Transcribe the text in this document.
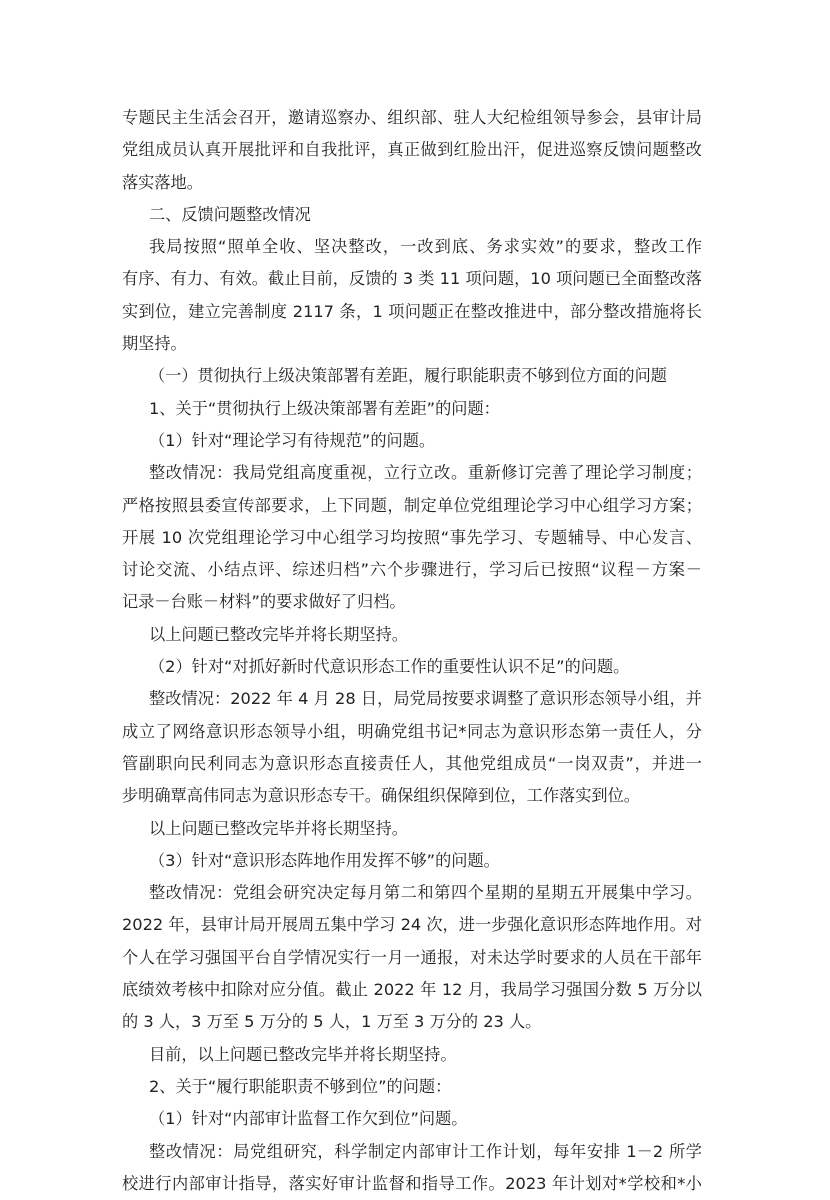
专题民主生活会召开，邀请巡察办、组织部、驻人大纪检组领导参会，县审计局
党组成员认真开展批评和自我批评，真正做到红脸出汗，促进巡察反馈问题整改
落实落地。
二、反馈问题整改情况
我局按照“照单全收、坚决整改，一改到底、务求实效”的要求，整改工作
有序、有力、有效。截止目前，反馈的 3 类 11 项问题，10 项问题已全面整改落
实到位，建立完善制度 2117 条，1 项问题正在整改推进中，部分整改措施将长
期坚持。
（一）贯彻执行上级决策部署有差距，履行职能职责不够到位方面的问题
1、关于“贯彻执行上级决策部署有差距”的问题：
（1）针对“理论学习有待规范”的问题。
整改情况：我局党组高度重视，立行立改。重新修订完善了理论学习制度；
严格按照县委宣传部要求，上下同题，制定单位党组理论学习中心组学习方案；
开展 10 次党组理论学习中心组学习均按照“事先学习、专题辅导、中心发言、
讨论交流、小结点评、综述归档”六个步骤进行，学习后已按照“议程－方案－
记录－台账－材料”的要求做好了归档。
以上问题已整改完毕并将长期坚持。
（2）针对“对抓好新时代意识形态工作的重要性认识不足”的问题。
整改情况：2022 年 4 月 28 日，局党局按要求调整了意识形态领导小组，并
成立了网络意识形态领导小组，明确党组书记*同志为意识形态第一责任人，分
管副职向民利同志为意识形态直接责任人，其他党组成员“一岗双责”，并进一
步明确覃高伟同志为意识形态专干。确保组织保障到位，工作落实到位。
以上问题已整改完毕并将长期坚持。
（3）针对“意识形态阵地作用发挥不够”的问题。
整改情况：党组会研究决定每月第二和第四个星期的星期五开展集中学习。
2022 年，县审计局开展周五集中学习 24 次，进一步强化意识形态阵地作用。对
个人在学习强国平台自学情况实行一月一通报，对未达学时要求的人员在干部年
底绩效考核中扣除对应分值。截止 2022 年 12 月，我局学习强国分数 5 万分以
的 3 人，3 万至 5 万分的 5 人，1 万至 3 万分的 23 人。
目前，以上问题已整改完毕并将长期坚持。
2、关于“履行职能职责不够到位”的问题：
（1）针对“内部审计监督工作欠到位”问题。
整改情况：局党组研究，科学制定内部审计工作计划，每年安排 1－2 所学
校进行内部审计指导，落实好审计监督和指导工作。2023 年计划对*学校和*小
